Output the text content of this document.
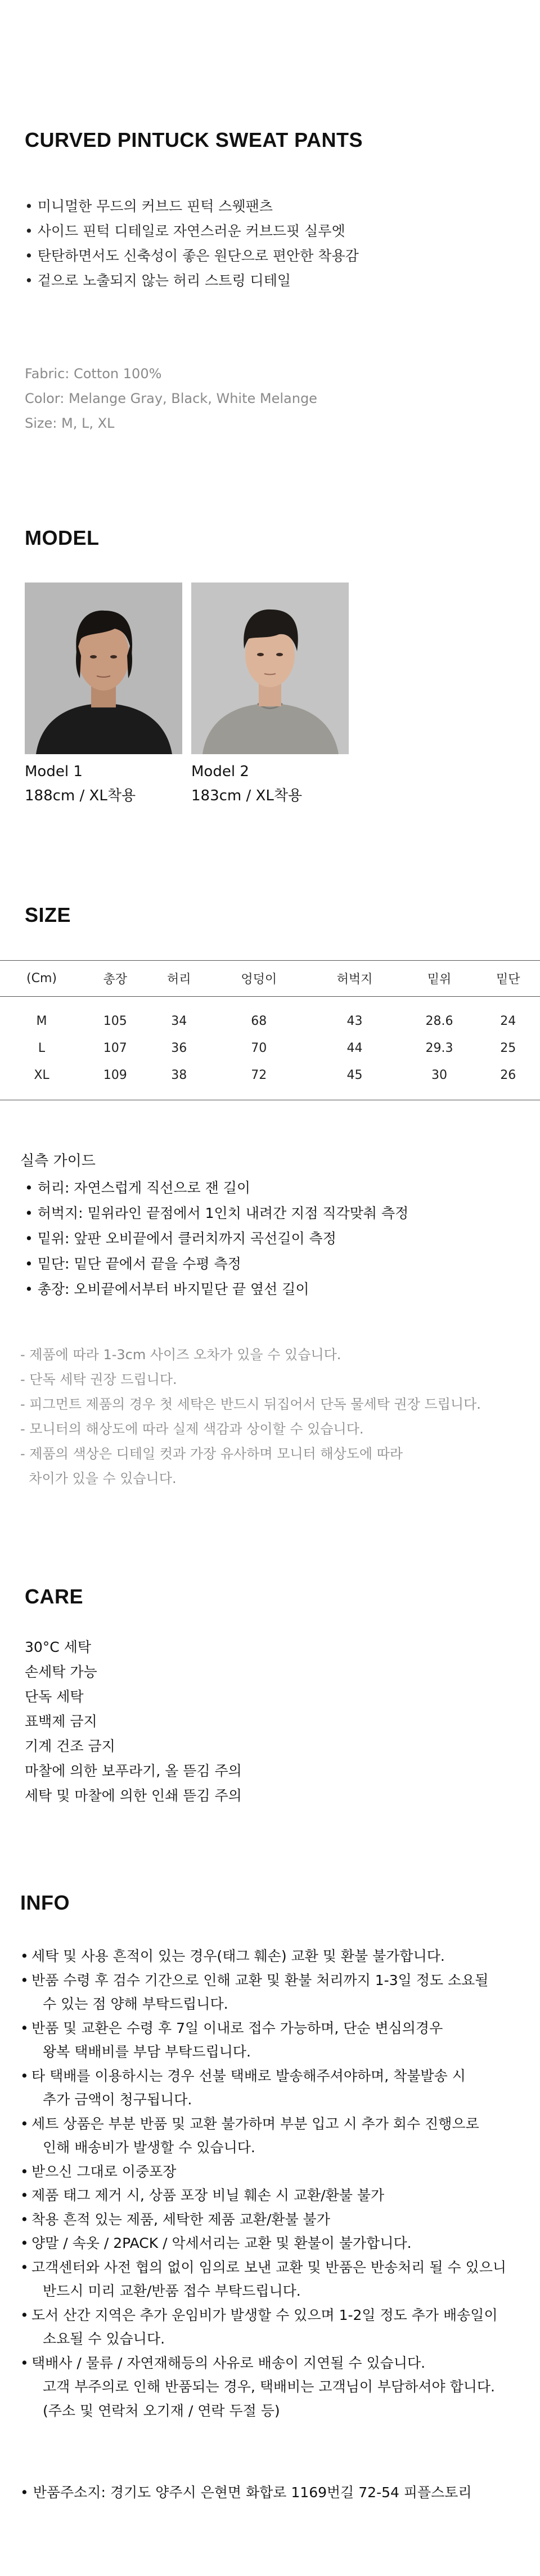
CURVED PINTUCK SWEAT PANTS
• 미니멀한 무드의 커브드 핀턱 스웻팬츠
• 사이드 핀턱 디테일로 자연스러운 커브드핏 실루엣
• 탄탄하면서도 신축성이 좋은 원단으로 편안한 착용감
• 겉으로 노출되지 않는 허리 스트링 디테일

Fabric: Cotton 100%

Color: Melange Gray, Black, White Melange

Size: M, L, XL

MODEL
Model 1
188cm / XL착용
Model 2
183cm / XL착용
SIZE
(Cm)	총장	허리	엉덩이	허벅지	밑위	밑단
M	105	34	68	43	28.6	24
L	107	36	70	44	29.3	25
XL	109	38	72	45	30	26
실측 가이드
• 허리: 자연스럽게 직선으로 잰 길이
• 허벅지: 밑위라인 끝점에서 1인치 내려간 지점 직각맞춰 측정
• 밑위: 앞판 오비끝에서 클러치까지 곡선길이 측정
• 밑단: 밑단 끝에서 끝을 수평 측정
• 총장: 오비끝에서부터 바지밑단 끝 옆선 길이
- 제품에 따라 1-3cm 사이즈 오차가 있을 수 있습니다.
- 단독 세탁 권장 드립니다.
- 피그먼트 제품의 경우 첫 세탁은 반드시 뒤집어서 단독 물세탁 권장 드립니다.
- 모니터의 해상도에 따라 실제 색감과 상이할 수 있습니다.
- 제품의 색상은 디테일 컷과 가장 유사하며 모니터 해상도에 따라
차이가 있을 수 있습니다.
CARE
30°C 세탁
손세탁 가능
단독 세탁
표백제 금지
기계 건조 금지
마찰에 의한 보푸라기, 올 뜯김 주의
세탁 및 마찰에 의한 인쇄 뜯김 주의
INFO
• 세탁 및 사용 흔적이 있는 경우(태그 훼손) 교환 및 환불 불가합니다.
• 반품 수령 후 검수 기간으로 인해 교환 및 환불 처리까지 1-3일 정도 소요될
수 있는 점 양해 부탁드립니다.
• 반품 및 교환은 수령 후 7일 이내로 접수 가능하며, 단순 변심의경우
왕복 택배비를 부담 부탁드립니다.
• 타 택배를 이용하시는 경우 선불 택배로 발송해주셔야하며, 착불발송 시
추가 금액이 청구됩니다.
• 세트 상품은 부분 반품 및 교환 불가하며 부분 입고 시 추가 회수 진행으로
인해 배송비가 발생할 수 있습니다.
• 받으신 그대로 이중포장
• 제품 태그 제거 시, 상품 포장 비닐 훼손 시 교환/환불 불가
• 착용 흔적 있는 제품, 세탁한 제품 교환/환불 불가
• 양말 / 속옷 / 2PACK / 악세서리는 교환 및 환불이 불가합니다.
• 고객센터와 사전 협의 없이 임의로 보낸 교환 및 반품은 반송처리 될 수 있으니
반드시 미리 교환/반품 접수 부탁드립니다.
• 도서 산간 지역은 추가 운임비가 발생할 수 있으며 1-2일 정도 추가 배송일이
소요될 수 있습니다.
• 택배사 / 물류 / 자연재해등의 사유로 배송이 지연될 수 있습니다.
고객 부주의로 인해 반품되는 경우, 택배비는 고객님이 부담하셔야 합니다.
(주소 및 연락처 오기재 / 연락 두절 등)
• 반품주소지: 경기도 양주시 은현면 화합로 1169번길 72-54 피플스토리
